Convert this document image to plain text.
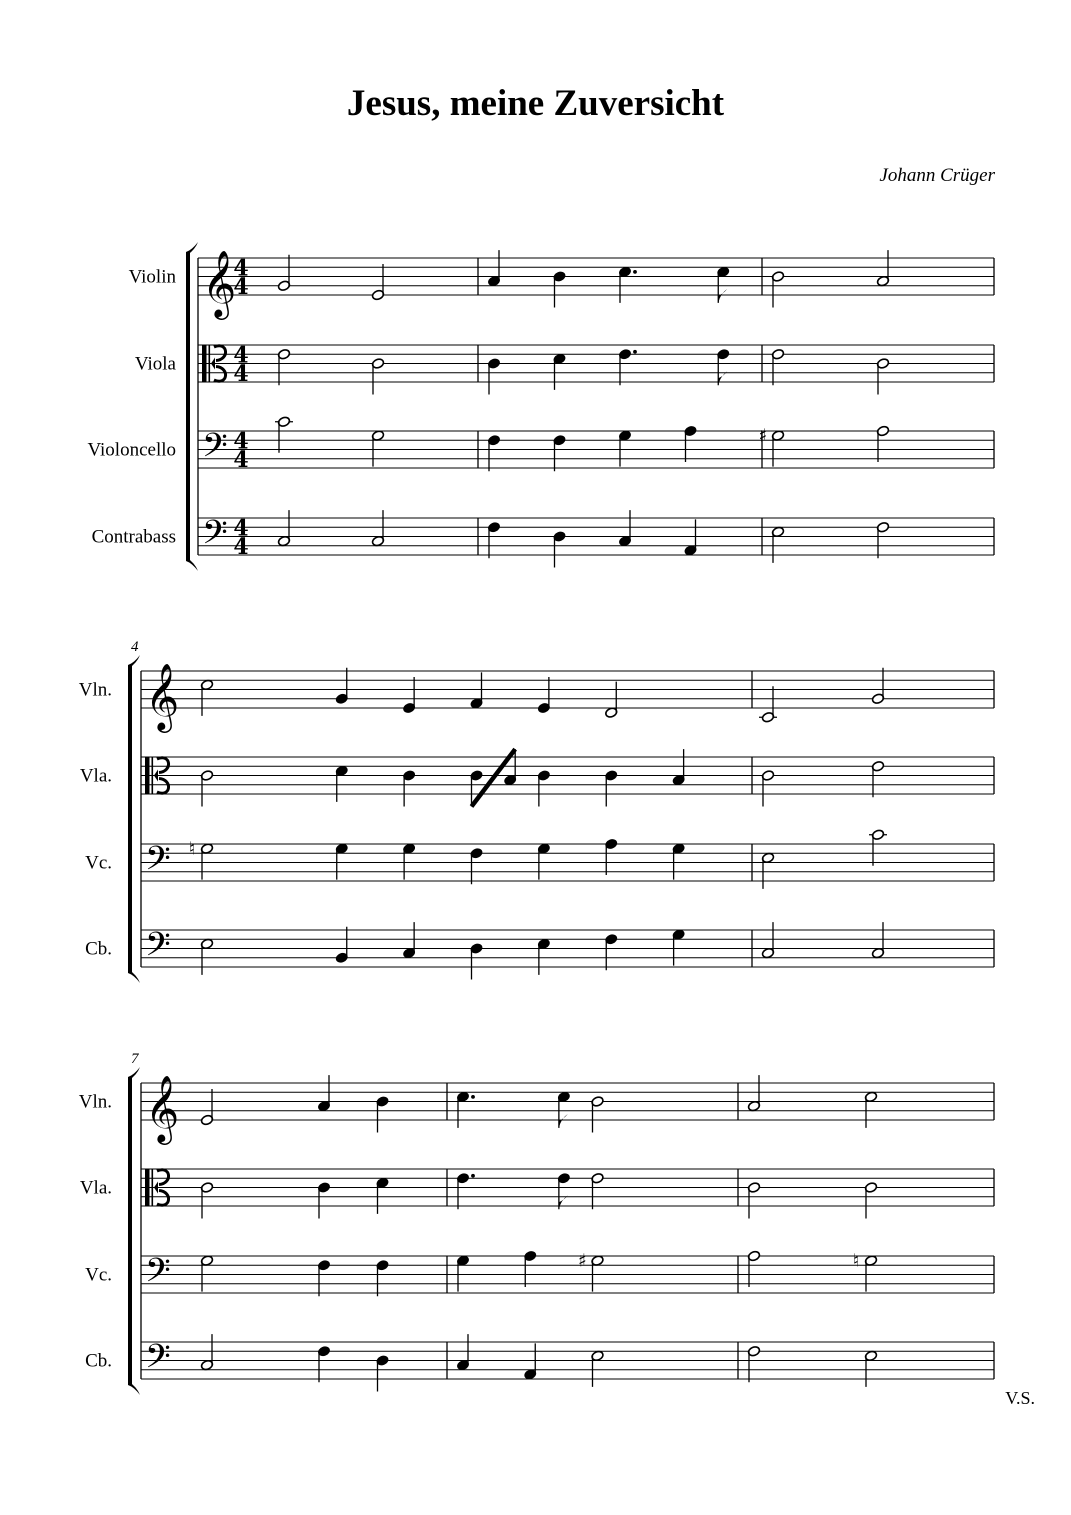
Jesus, meine Zuversicht
Johann Crüger
V.S.
Violin 𝄞
4
4
Viola	4
4
Violoncello 𝄢 4
4
Contrabass 𝄢 4
4
♯
4
Vln. 𝄞
Vla.
Vc. 𝄢
Cb. 𝄢
♮
7
Vln. 𝄞
Vla.
Vc. 𝄢
Cb. 𝄢
♯	♮
